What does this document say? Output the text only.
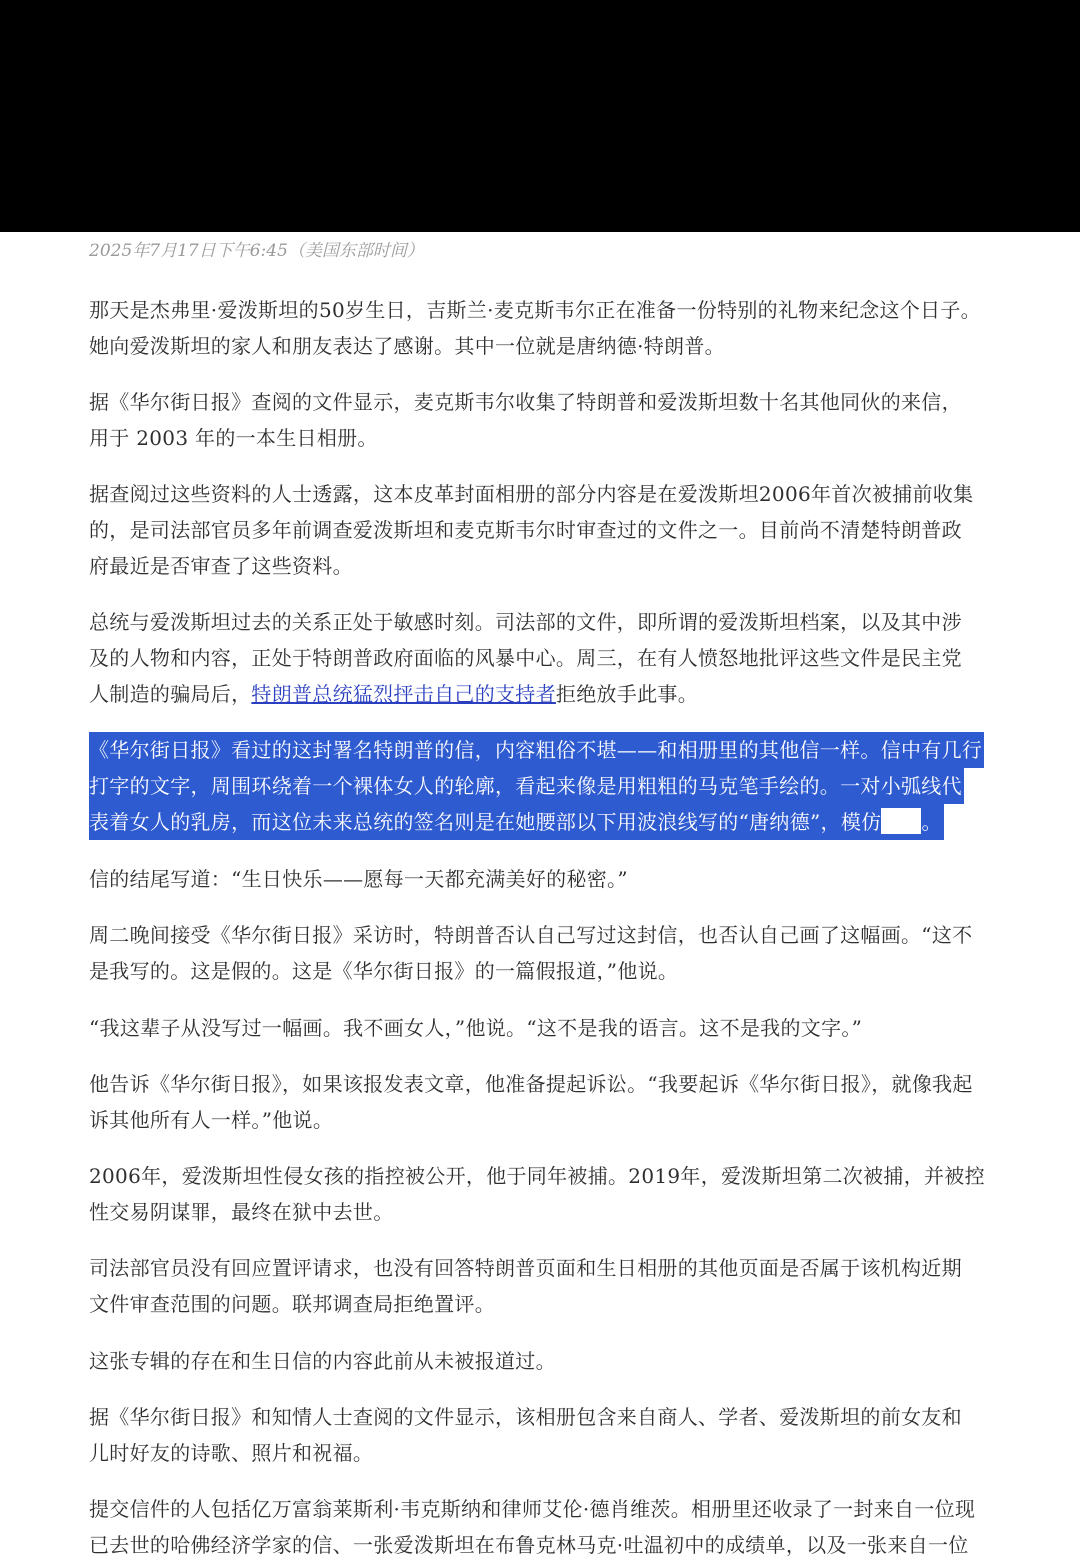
2025年7月17日下午6:45（美国东部时间）

那天是杰弗里·爱泼斯坦的50岁生日，吉斯兰·麦克斯韦尔正在准备一份特别的礼物来纪念这个日子。
她向爱泼斯坦的家人和朋友表达了感谢。其中一位就是唐纳德·特朗普。

据《华尔街日报》查阅的文件显示，麦克斯韦尔收集了特朗普和爱泼斯坦数十名其他同伙的来信，
用于 2003 年的一本生日相册。

据查阅过这些资料的人士透露，这本皮革封面相册的部分内容是在爱泼斯坦2006年首次被捕前收集
的，是司法部官员多年前调查爱泼斯坦和麦克斯韦尔时审查过的文件之一。目前尚不清楚特朗普政
府最近是否审查了这些资料。

总统与爱泼斯坦过去的关系正处于敏感时刻。司法部的文件，即所谓的爱泼斯坦档案，以及其中涉
及的人物和内容，正处于特朗普政府面临的风暴中心。周三，在有人愤怒地批评这些文件是民主党
人制造的骗局后，特朗普总统猛烈抨击自己的支持者拒绝放手此事。

《华尔街日报》看过的这封署名特朗普的信，内容粗俗不堪——和相册里的其他信一样。信中有几行
打字的文字，周围环绕着一个裸体女人的轮廓，看起来像是用粗粗的马克笔手绘的。一对小弧线代
表着女人的乳房，而这位未来总统的签名则是在她腰部以下用波浪线写的“唐纳德”，模仿 。

信的结尾写道：“生日快乐——愿每一天都充满美好的秘密。”

周二晚间接受《华尔街日报》采访时，特朗普否认自己写过这封信，也否认自己画了这幅画。“这不
是我写的。这是假的。这是《华尔街日报》的一篇假报道，”他说。

“我这辈子从没写过一幅画。我不画女人，”他说。“这不是我的语言。这不是我的文字。”

他告诉《华尔街日报》，如果该报发表文章，他准备提起诉讼。“我要起诉《华尔街日报》，就像我起
诉其他所有人一样。”他说。

2006年，爱泼斯坦性侵女孩的指控被公开，他于同年被捕。2019年，爱泼斯坦第二次被捕，并被控
性交易阴谋罪，最终在狱中去世。

司法部官员没有回应置评请求，也没有回答特朗普页面和生日相册的其他页面是否属于该机构近期
文件审查范围的问题。联邦调查局拒绝置评。

这张专辑的存在和生日信的内容此前从未被报道过。

据《华尔街日报》和知情人士查阅的文件显示，该相册包含来自商人、学者、爱泼斯坦的前女友和
儿时好友的诗歌、照片和祝福。

提交信件的人包括亿万富翁莱斯利·韦克斯纳和律师艾伦·德肖维茨。相册里还收录了一封来自一位现
已去世的哈佛经济学家的信、一张爱泼斯坦在布鲁克林马克·吐温初中的成绩单，以及一张来自一位
